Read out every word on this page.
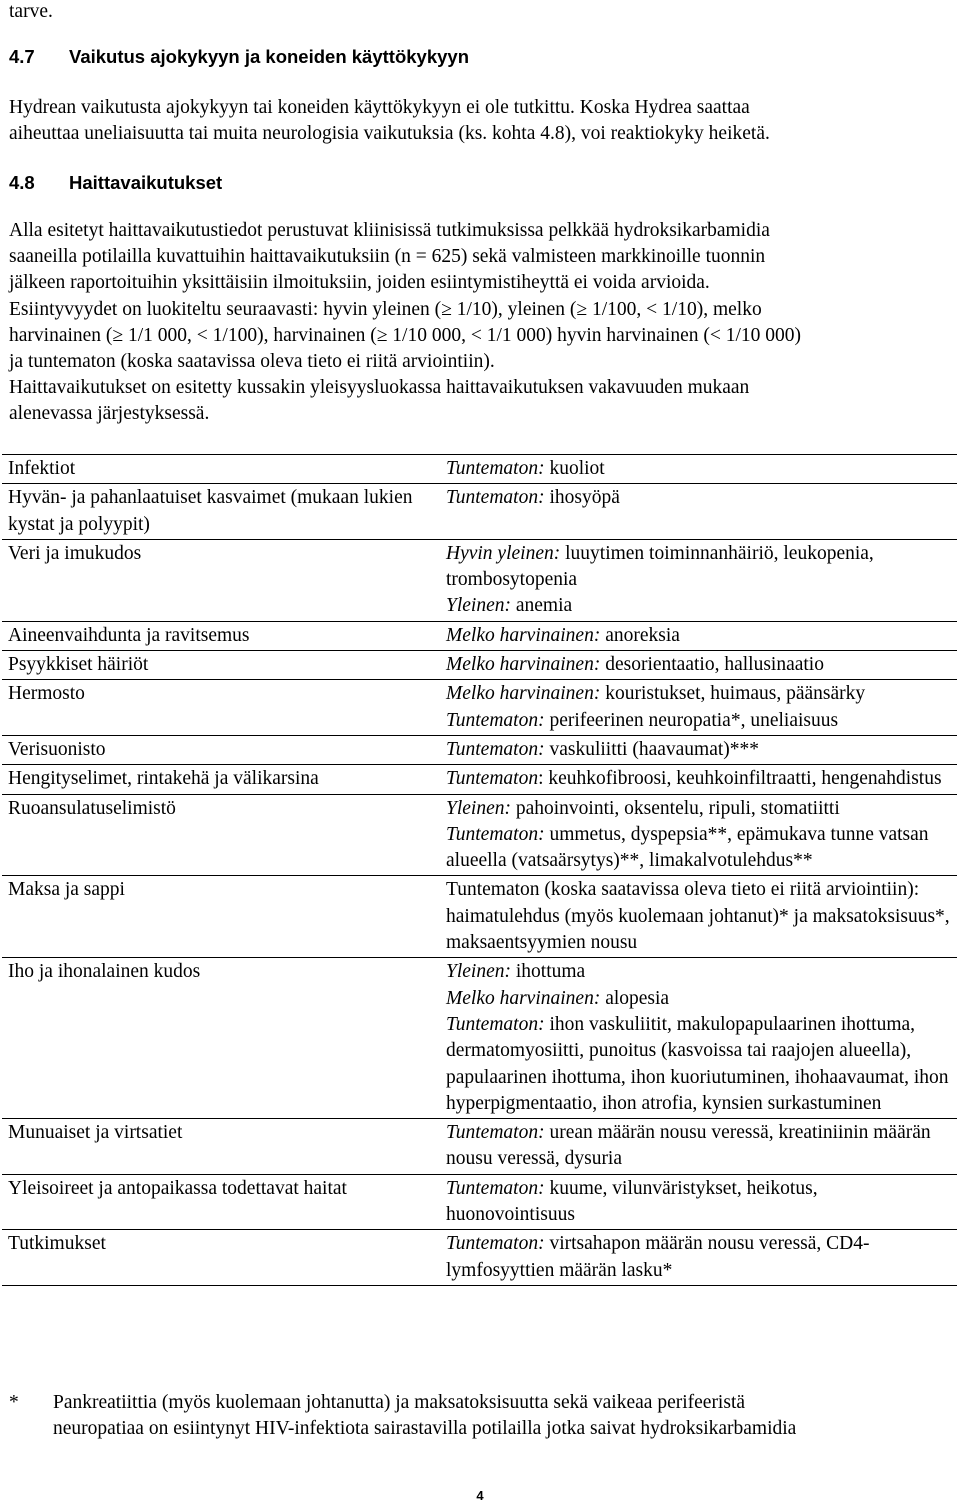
tarve.

4.7 Vaikutus ajokykyyn ja koneiden käyttökykyyn
Hydrean vaikutusta ajokykyyn tai koneiden käyttökykyyn ei ole tutkittu. Koska Hydrea saattaa
aiheuttaa uneliaisuutta tai muita neurologisia vaikutuksia (ks. kohta 4.8), voi reaktiokyky heiketä.
4.8 Haittavaikutukset
Alla esitetyt haittavaikutustiedot perustuvat kliinisissä tutkimuksissa pelkkää hydroksikarbamidia
saaneilla potilailla kuvattuihin haittavaikutuksiin (n = 625) sekä valmisteen markkinoille tuonnin
jälkeen raportoituihin yksittäisiin ilmoituksiin, joiden esiintymistiheyttä ei voida arvioida.
Esiintyvyydet on luokiteltu seuraavasti: hyvin yleinen (≥ 1/10), yleinen (≥ 1/100, < 1/10), melko
harvinainen (≥ 1/1 000, < 1/100), harvinainen (≥ 1/10 000, < 1/1 000) hyvin harvinainen (< 1/10 000)
ja tuntematon (koska saatavissa oleva tieto ei riitä arviointiin).
Haittavaikutukset on esitetty kussakin yleisyysluokassa haittavaikutuksen vakavuuden mukaan
alenevassa järjestyksessä.
Infektiot	Tuntematon: kuoliot

Hyvän- ja pahanlaatuiset kasvaimet (mukaan lukien kystat ja polyypit)	Tuntematon: ihosyöpä

Veri ja imukudos	Hyvin yleinen: luuytimen toiminnanhäiriö, leukopenia, trombosytopenia
Yleinen: anemia

Aineenvaihdunta ja ravitsemus	Melko harvinainen: anoreksia

Psyykkiset häiriöt	Melko harvinainen: desorientaatio, hallusinaatio

Hermosto	Melko harvinainen: kouristukset, huimaus, päänsärky
Tuntematon: perifeerinen neuropatia*, uneliaisuus

Verisuonisto	Tuntematon: vaskuliitti (haavaumat)***

Hengityselimet, rintakehä ja välikarsina	Tuntematon: keuhkofibroosi, keuhkoinfiltraatti, hengenahdistus

Ruoansulatuselimistö	Yleinen: pahoinvointi, oksentelu, ripuli, stomatiitti
Tuntematon: ummetus, dyspepsia**, epämukava tunne vatsan alueella (vatsaärsytys)**, limakalvotulehdus**

Maksa ja sappi	Tuntematon (koska saatavissa oleva tieto ei riitä arviointiin): haimatulehdus (myös kuolemaan johtanut)* ja maksatoksisuus*, maksaentsyymien nousu

Iho ja ihonalainen kudos	Yleinen: ihottuma
Melko harvinainen: alopesia
Tuntematon: ihon vaskuliitit, makulopapulaarinen ihottuma, dermatomyosiitti, punoitus (kasvoissa tai raajojen alueella), papulaarinen ihottuma, ihon kuoriutuminen, ihohaavaumat, ihon hyperpigmentaatio, ihon atrofia, kynsien surkastuminen

Munuaiset ja virtsatiet	Tuntematon: urean määrän nousu veressä, kreatiniinin määrän nousu veressä, dysuria

Yleisoireet ja antopaikassa todettavat haitat	Tuntematon: kuume, vilunväristykset, heikotus, huonovointisuus

Tutkimukset	Tuntematon: virtsahapon määrän nousu veressä, CD4-lymfosyyttien määrän lasku*
* Pankreatiittia (myös kuolemaan johtanutta) ja maksatoksisuutta sekä vaikeaa perifeeristä
neuropatiaa on esiintynyt HIV-infektiota sairastavilla potilailla jotka saivat hydroksikarbamidia
4
